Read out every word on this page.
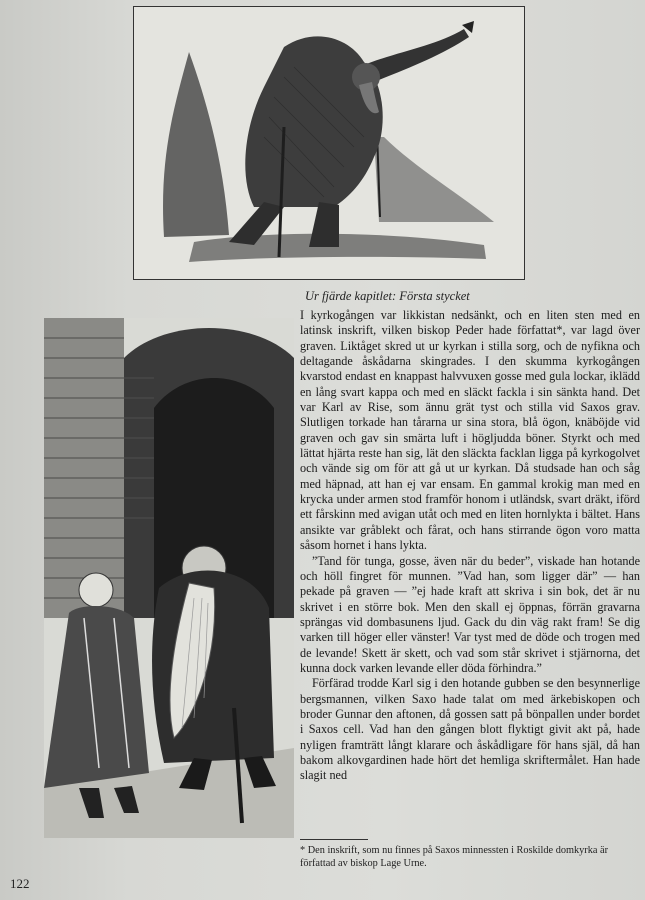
Ur fjärde kapitlet: Första stycket

I kyrkogången var likkistan nedsänkt, och en liten sten med en latinsk inskrift, vilken biskop Peder hade författat*, var lagd över graven. Liktåget skred ut ur kyrkan i stilla sorg, och de nyfikna och deltagande åskådarna skingrades. I den skumma kyrkogången kvarstod endast en knappast halvvuxen gosse med gula lockar, iklädd en lång svart kappa och med en släckt fackla i sin sänkta hand. Det var Karl av Rise, som ännu grät tyst och stilla vid Saxos grav. Slutligen torkade han tårarna ur sina stora, blå ögon, knäböjde vid graven och gav sin smärta luft i högljudda böner. Styrkt och med lättat hjärta reste han sig, lät den släckta facklan ligga på kyrkogolvet och vände sig om för att gå ut ur kyrkan. Då studsade han och såg med häpnad, att han ej var ensam. En gammal krokig man med en krycka under armen stod framför honom i utländsk, svart dräkt, iförd ett fårskinn med avigan utåt och med en liten hornlykta i bältet. Hans ansikte var gråblekt och fårat, och hans stirrande ögon voro matta såsom hornet i hans lykta.

”Tand för tunga, gosse, även när du beder”, viskade han hotande och höll fingret för munnen. ”Vad han, som ligger där” — han pekade på graven — ”ej hade kraft att skriva i sin bok, det är nu skrivet i en större bok. Men den skall ej öppnas, förrän gravarna sprängas vid dombasunens ljud. Gack du din väg rakt fram! Se dig varken till höger eller vänster! Var tyst med de döde och trogen med de levande! Skett är skett, och vad som står skrivet i stjärnorna, det kunna dock varken levande eller döda förhindra.”

Förfärad trodde Karl sig i den hotande gubben se den besynnerlige bergsmannen, vilken Saxo hade talat om med ärkebiskopen och broder Gunnar den aftonen, då gossen satt på bönpallen under bordet i Saxos cell. Vad han den gången blott flyktigt givit akt på, hade nyligen framträtt långt klarare och åskådligare för hans själ, då han bakom alkovgardinen hade hört det hemliga skriftermålet. Han hade slagit ned

* Den inskrift, som nu finnes på Saxos minnessten i Roskilde domkyrka är författad av biskop Lage Urne.
122
